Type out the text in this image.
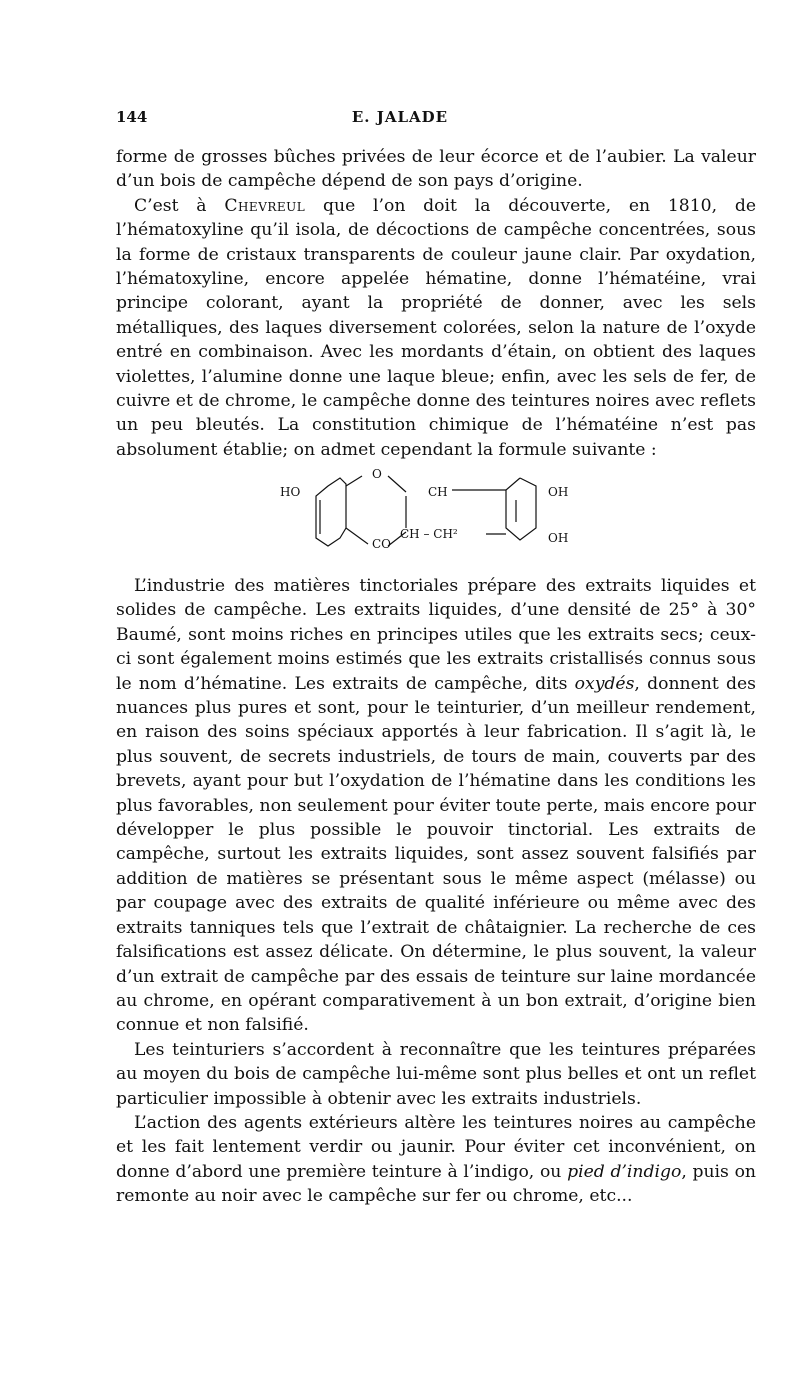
144	E. JALADE

forme de grosses bûches privées de leur écorce et de l’aubier. La valeur d’un bois de campêche dépend de son pays d’origine.

C’est à Chevreul que l’on doit la découverte, en 1810, de l’hématoxyline qu’il isola, de décoctions de campêche concentrées, sous la forme de cristaux transparents de couleur jaune clair. Par oxydation, l’hématoxyline, encore appelée hématine, donne l’hématéine, vrai principe colorant, ayant la propriété de donner, avec les sels métalliques, des laques diversement colorées, selon la nature de l’oxyde entré en combinaison. Avec les mordants d’étain, on obtient des laques violettes, l’alumine donne une laque bleue; enfin, avec les sels de fer, de cuivre et de chrome, le campêche donne des teintures noires avec reflets un peu bleutés. La constitution chimique de l’hématéine n’est pas absolument établie; on admet cependant la formule suivante :

HO
O
CH	OH
CO
CH – CH²	OH

L’industrie des matières tinctoriales prépare des extraits liquides et solides de campêche. Les extraits liquides, d’une densité de 25° à 30° Baumé, sont moins riches en principes utiles que les extraits secs; ceux-ci sont également moins estimés que les extraits cristallisés connus sous le nom d’hématine. Les extraits de campêche, dits oxydés, donnent des nuances plus pures et sont, pour le teinturier, d’un meilleur rendement, en raison des soins spéciaux apportés à leur fabrication. Il s’agit là, le plus souvent, de secrets industriels, de tours de main, couverts par des brevets, ayant pour but l’oxydation de l’hématine dans les conditions les plus favorables, non seulement pour éviter toute perte, mais encore pour développer le plus possible le pouvoir tinctorial. Les extraits de campêche, surtout les extraits liquides, sont assez souvent falsifiés par addition de matières se présentant sous le même aspect (mélasse) ou par coupage avec des extraits de qualité inférieure ou même avec des extraits tanniques tels que l’extrait de châtaignier. La recherche de ces falsifications est assez délicate. On détermine, le plus souvent, la valeur d’un extrait de campêche par des essais de teinture sur laine mordancée au chrome, en opérant comparativement à un bon extrait, d’origine bien connue et non falsifié.

Les teinturiers s’accordent à reconnaître que les teintures préparées au moyen du bois de campêche lui-même sont plus belles et ont un reflet particulier impossible à obtenir avec les extraits industriels.

L’action des agents extérieurs altère les teintures noires au campêche et les fait lentement verdir ou jaunir. Pour éviter cet inconvénient, on donne d’abord une première teinture à l’indigo, ou pied d’indigo, puis on remonte au noir avec le campêche sur fer ou chrome, etc...
